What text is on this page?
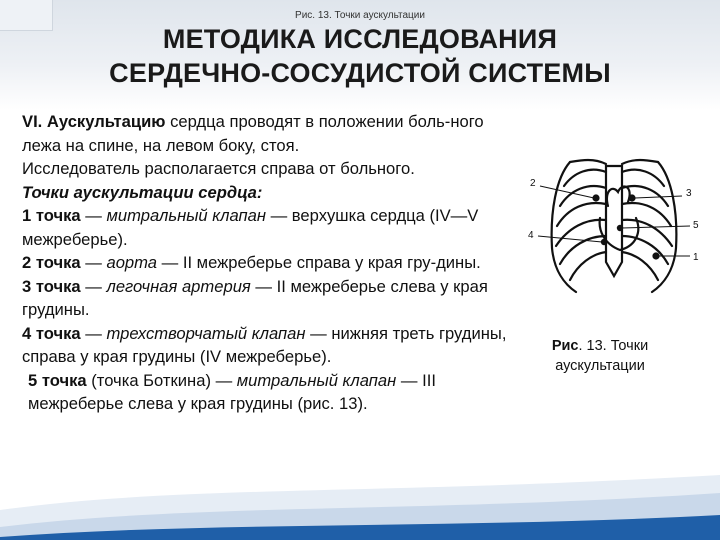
Рис. 13. Точки аускультации
МЕТОДИКА ИССЛЕДОВАНИЯ
СЕРДЕЧНО-СОСУДИСТОЙ СИСТЕМЫ

VI. Аускультацию сердца проводят в положении боль-ного лежа на спине, на левом боку, стоя.

Исследователь располагается справа от больного.

Точки аускультации сердца:

1 точка — митральный клапан — верхушка сердца (IV—V межреберье).

2 точка — аорта — II межреберье справа у края гру-дины.

3 точка — легочная артерия — II межреберье слева у края грудины.

4 точка — трехстворчатый клапан — нижняя треть грудины, справа у края грудины (IV межреберье).

5 точка (точка Боткина) — митральный клапан — III межреберье слева у края грудины (рис. 13).

2
3
4
5
1
Рис. 13. Точки
аускультации
